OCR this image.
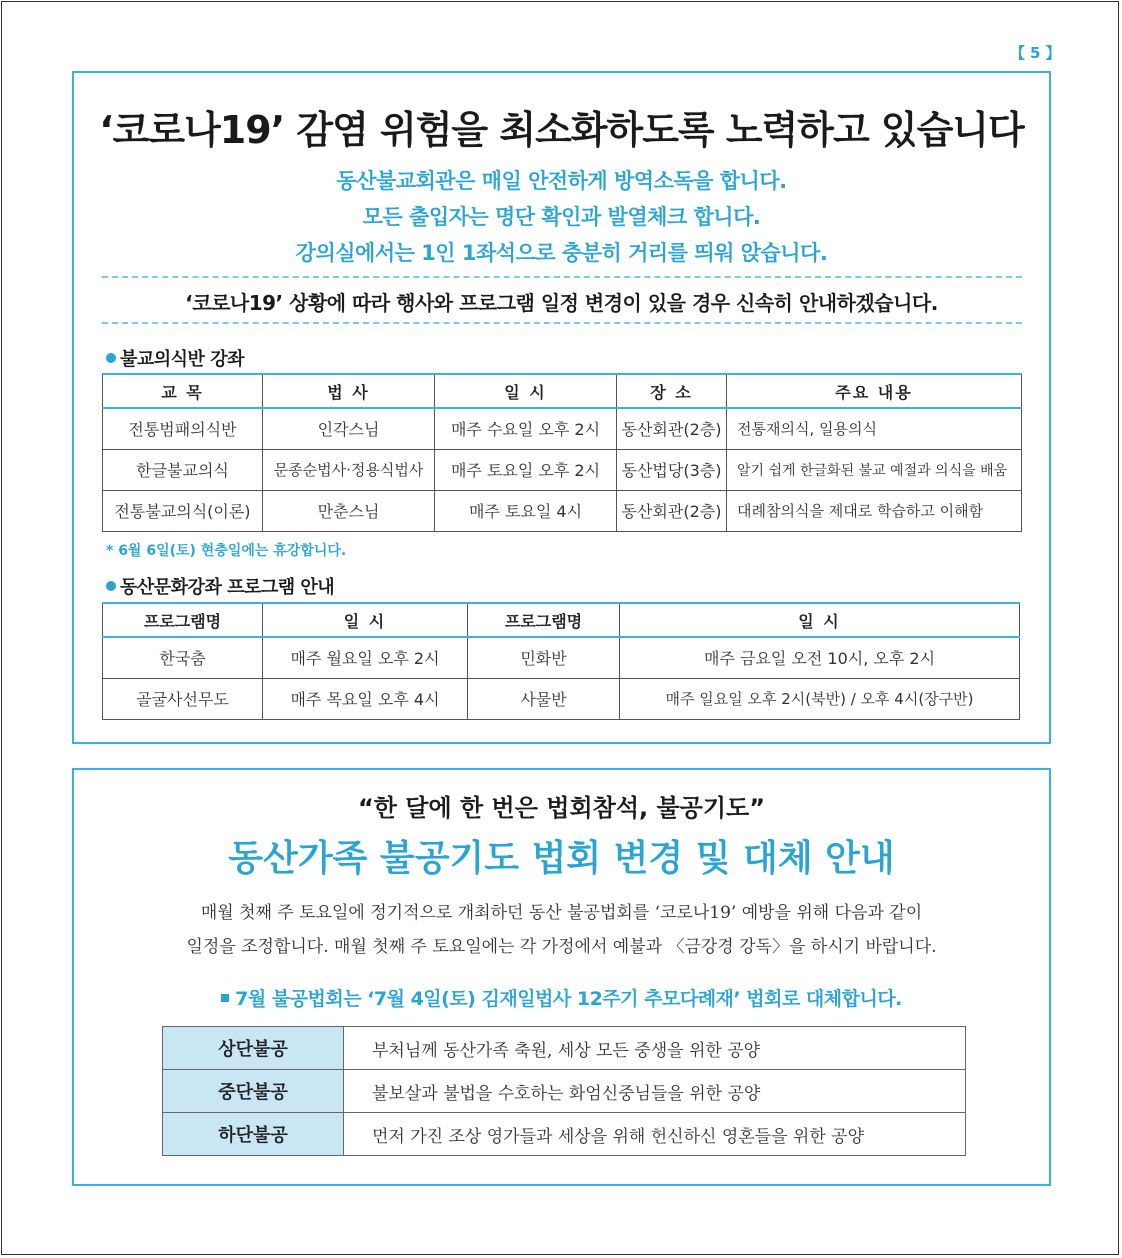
【 5 】
‘코로나19’ 감염 위험을 최소화하도록 노력하고 있습니다
동산불교회관은 매일 안전하게 방역소독을 합니다.
모든 출입자는 명단 확인과 발열체크 합니다.
강의실에서는 1인 1좌석으로 충분히 거리를 띄워 앉습니다.
‘코로나19’ 상황에 따라 행사와 프로그램 일정 변경이 있을 경우 신속히 안내하겠습니다.
불교의식반 강좌
교 목	법 사	일 시	장 소	주요 내용
전통범패의식반	인각스님	매주 수요일 오후 2시	동산회관(2층)	전통재의식, 일용의식
한글불교의식	문종순법사·정용식법사	매주 토요일 오후 2시	동산법당(3층)	알기 쉽게 한글화된 불교 예절과 의식을 배움
전통불교의식(이론)	만춘스님	매주 토요일 4시	동산회관(2층)	대례참의식을 제대로 학습하고 이해함
* 6월 6일(토) 현충일에는 휴강합니다.
동산문화강좌 프로그램 안내
프로그램명	일 시	프로그램명	일 시
한국춤	매주 월요일 오후 2시	민화반	매주 금요일 오전 10시, 오후 2시
골굴사선무도	매주 목요일 오후 4시	사물반	매주 일요일 오후 2시(북반) / 오후 4시(장구반)
“한 달에 한 번은 법회참석, 불공기도”
동산가족 불공기도 법회 변경 및 대체 안내
매월 첫째 주 토요일에 정기적으로 개최하던 동산 불공법회를 ‘코로나19’ 예방을 위해 다음과 같이
일정을 조정합니다. 매월 첫째 주 토요일에는 각 가정에서 예불과 〈금강경 강독〉을 하시기 바랍니다.
7월 불공법회는 ‘7월 4일(토) 김재일법사 12주기 추모다례재’ 법회로 대체합니다.
상단불공	부처님께 동산가족 축원, 세상 모든 중생을 위한 공양
중단불공	불보살과 불법을 수호하는 화엄신중님들을 위한 공양
하단불공	먼저 가진 조상 영가들과 세상을 위해 헌신하신 영혼들을 위한 공양
